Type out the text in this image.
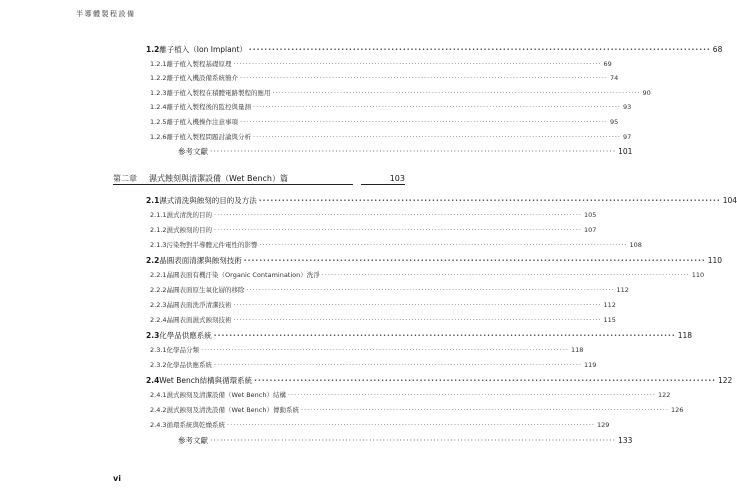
半導體製程設備
1.2 離子植入（Ion Implant） ························································································································ 68
1.2.1 離子植入製程基礎原理 ························································································································ 69
1.2.2 離子植入機設備系統簡介 ························································································································ 74
1.2.3 離子植入製程在積體電路製程的應用 ························································································································ 90
1.2.4 離子植入製程後的監控與量測 ························································································································ 93
1.2.5 離子植入機操作注意事項 ························································································································ 95
1.2.6 離子植入製程問題討論與分析 ························································································································ 97
參考文獻 ························································································································ 101
2.1 濕式清洗與蝕刻的目的及方法 ························································································································ 104
2.1.1 濕式清洗的目的 ························································································································ 105
2.1.2 濕式蝕刻的目的 ························································································································ 107
2.1.3 污染物對半導體元件電性的影響 ························································································································ 108
2.2 晶圓表面清潔與蝕刻技術 ························································································································ 110
2.2.1 晶圓表面有機汙染（Organic Contamination）洗淨 ························································································································ 110
2.2.2 晶圓表面原生氧化層的移除 ························································································································ 112
2.2.3 晶圓表面洗淨清潔技術 ························································································································ 112
2.2.4 晶圓表面濕式蝕刻技術 ························································································································ 115
2.3 化學品供應系統 ························································································································ 118
2.3.1 化學品分類 ························································································································ 118
2.3.2 化學品供應系統 ························································································································ 119
2.4 Wet Bench結構與循環系統 ························································································································ 122
2.4.1 濕式蝕刻及清潔設備（Wet Bench）結構 ························································································································ 122
2.4.2 濕式蝕刻及清洗設備（Wet Bench）傳動系統 ························································································································ 126
2.4.3 循環系統與乾燥系統 ························································································································ 129
參考文獻 ························································································································ 133
第二章	濕式蝕刻與清潔設備（Wet Bench）篇	103
vi
